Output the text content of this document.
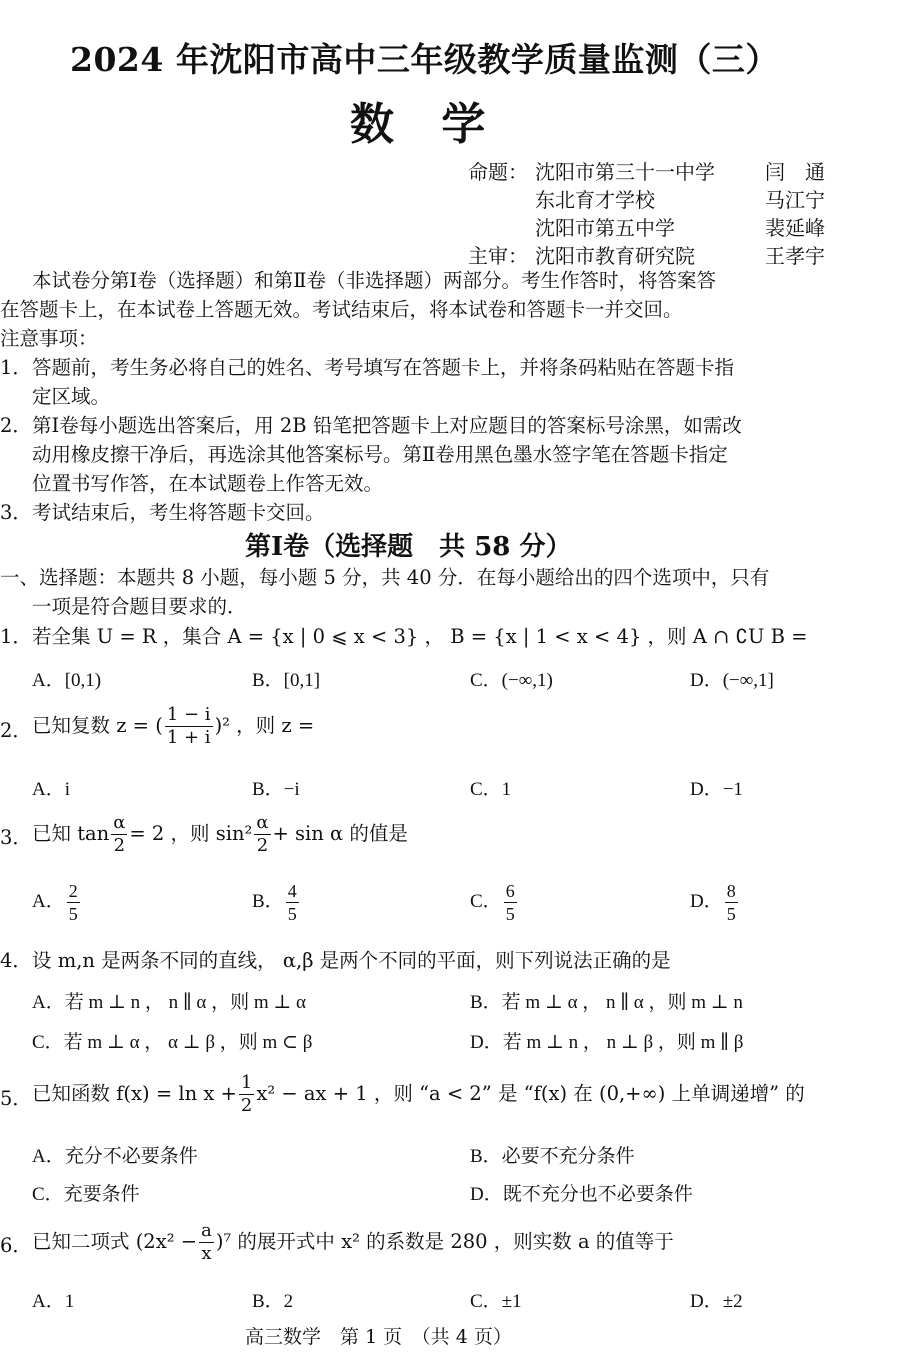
2024 年沈阳市高中三年级教学质量监测（三）
数 学
命题： 沈阳市第三十一中学	闫　通
东北育才学校	马江宁
沈阳市第五中学	裴延峰
主审： 沈阳市教育研究院	王孝宇
本试卷分第Ⅰ卷（选择题）和第Ⅱ卷（非选择题）两部分。考生作答时，将答案答
在答题卡上，在本试卷上答题无效。考试结束后，将本试卷和答题卡一并交回。
注意事项：
1． 答题前，考生务必将自己的姓名、考号填写在答题卡上，并将条码粘贴在答题卡指
定区域。
2． 第Ⅰ卷每小题选出答案后，用 2B 铅笔把答题卡上对应题目的答案标号涂黑，如需改
动用橡皮擦干净后，再选涂其他答案标号。第Ⅱ卷用黑色墨水签字笔在答题卡指定
位置书写作答，在本试题卷上作答无效。
3． 考试结束后，考生将答题卡交回。
第Ⅰ卷（选择题　共 58 分）
一、选择题：本题共 8 小题，每小题 5 分，共 40 分．在每小题给出的四个选项中，只有
一项是符合题目要求的．
1． 若全集 U = R ，集合 A = {x | 0 ⩽ x < 3} ， B = {x | 1 < x < 4} ，则 A ∩ ∁U B =
A．[0,1)	B．[0,1]	C．(−∞,1)	D．(−∞,1]
2． 已知复数 z = ( $\frac{1 - i}{1 + i} )^2$ ，则 z =
A．i	B．−i	C．1	D．−1
3． 已知 $\tan \frac{\alpha}{2} = 2$ ，则 $\sin^2 \frac{\alpha}{2} + \sin \alpha$ 的值是
A． $\frac{2}{5}$	B． $\frac{4}{5}$	C． $\frac{6}{5}$	D． $\frac{8}{5}$
4． 设 m,n 是两条不同的直线， α,β 是两个不同的平面，则下列说法正确的是
A．若 m ⊥ n ， n ∥ α ，则 m ⊥ α	B．若 m ⊥ α ， n ∥ α ，则 m ⊥ n
C．若 m ⊥ α ， α ⊥ β ，则 m ⊂ β	D．若 m ⊥ n ， n ⊥ β ，则 m ∥ β
5． 已知函数 $f(x) = \ln x + \frac{1}{2} x^2$ − ax + 1 ，则 “a < 2” 是 “f(x) 在 (0,+∞) 上单调递增” 的
A．充分不必要条件	B．必要不充分条件
C．充要条件	D．既不充分也不必要条件
6． 已知二项式 $(2x^2 - \frac{a}{x} )^7$ 的展开式中 x² 的系数是 280 ，则实数 a 的值等于
A．1	B．2	C．±1	D．±2
高三数学　第 1 页　（共 4 页）
